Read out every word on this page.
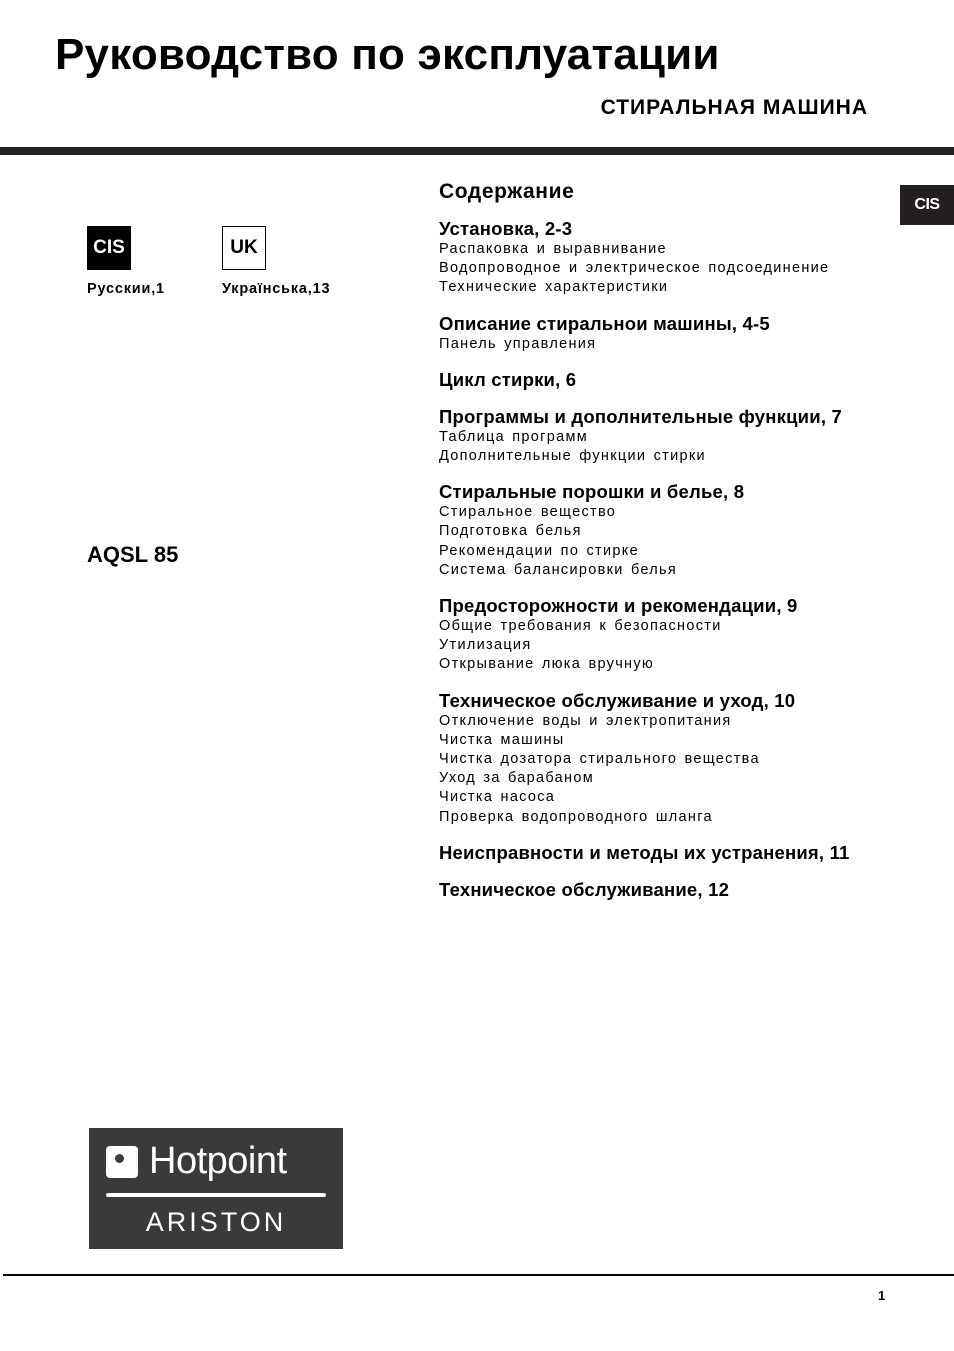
Руководство по эксплуатации
СТИРАЛЬНАЯ МАШИНА
CIS
CIS
Русскии,1
UK
Українська,13
AQSL 85
Содержание
Установка, 2-3
Распаковка и выравнивание
Водопроводное и электрическое подсоединение
Технические характеристики
Описание стиральнои машины, 4-5
Панель управления
Цикл стирки, 6
Программы и дополнительные функции, 7
Таблица программ
Дополнительные функции стирки
Стиральные порошки и белье, 8
Стиральное вещество
Подготовка белья
Рекомендации по стирке
Система балансировки белья
Предосторожности и рекомендации, 9
Общие требования к безопасности
Утилизация
Открывание люка вручную
Техническое обслуживание и уход, 10
Отключение воды и электропитания
Чистка машины
Чистка дозатора стирального вещества
Уход за барабаном
Чистка насоса
Проверка водопроводного шланга
Неисправности и методы их устранения, 11
Техническое обслуживание, 12
Hotpoint
ARISTON
1
